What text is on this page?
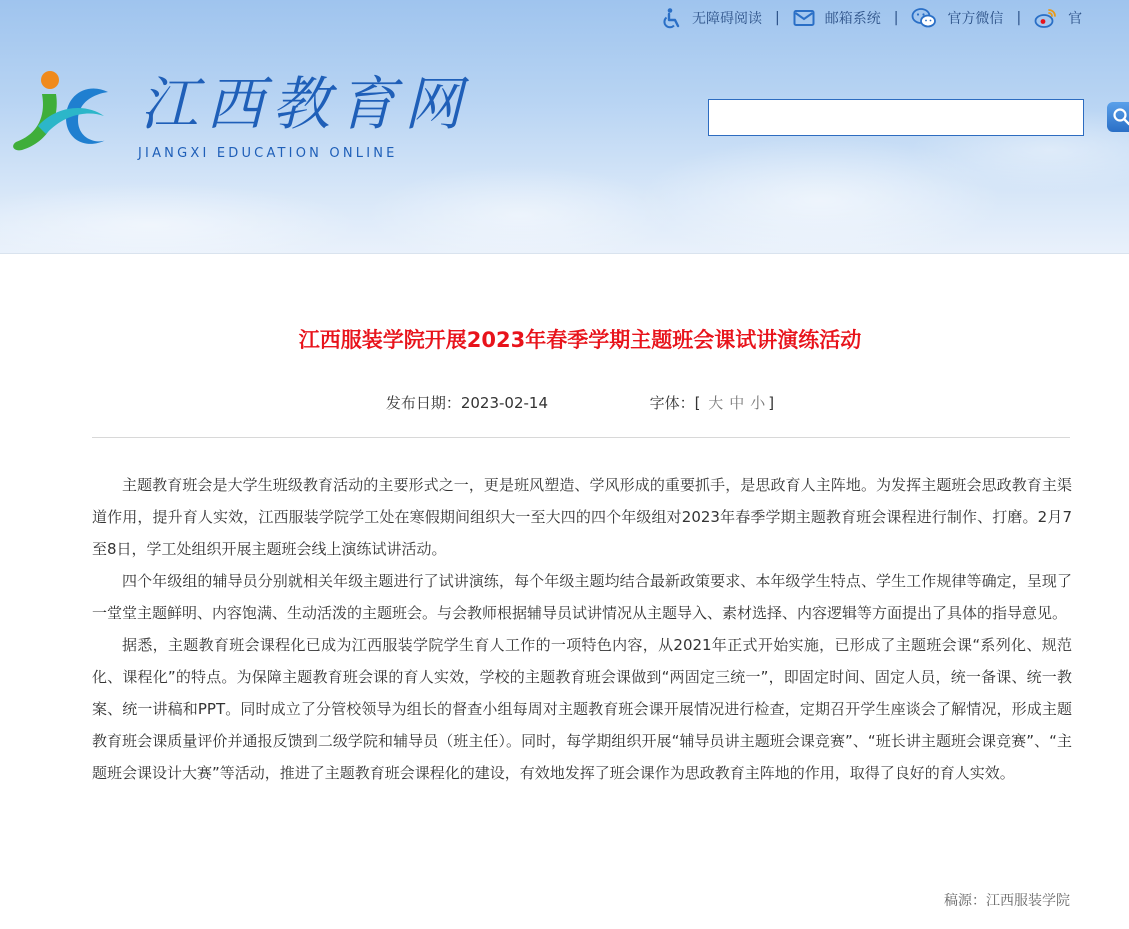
无障碍阅读 |	邮箱系统 |	官方微信 |	官
江西教育网
JIANGXI EDUCATION ONLINE
江西服装学院开展2023年春季学期主题班会课试讲演练活动
发布日期：2023-02-14	字体：[ 大 中 小 ]

主题教育班会是大学生班级教育活动的主要形式之一，更是班风塑造、学风形成的重要抓手，是思政育人主阵地。为发挥主题班会思政教育主渠道作用，提升育人实效，江西服装学院学工处在寒假期间组织大一至大四的四个年级组对2023年春季学期主题教育班会课程进行制作、打磨。2月7至8日，学工处组织开展主题班会线上演练试讲活动。

四个年级组的辅导员分别就相关年级主题进行了试讲演练，每个年级主题均结合最新政策要求、本年级学生特点、学生工作规律等确定，呈现了一堂堂主题鲜明、内容饱满、生动活泼的主题班会。与会教师根据辅导员试讲情况从主题导入、素材选择、内容逻辑等方面提出了具体的指导意见。

据悉，主题教育班会课程化已成为江西服装学院学生育人工作的一项特色内容，从2021年正式开始实施，已形成了主题班会课“系列化、规范化、课程化”的特点。为保障主题教育班会课的育人实效，学校的主题教育班会课做到“两固定三统一”，即固定时间、固定人员，统一备课、统一教案、统一讲稿和PPT。同时成立了分管校领导为组长的督查小组每周对主题教育班会课开展情况进行检查，定期召开学生座谈会了解情况，形成主题教育班会课质量评价并通报反馈到二级学院和辅导员（班主任）。同时，每学期组织开展“辅导员讲主题班会课竞赛”、“班长讲主题班会课竞赛”、“主题班会课设计大赛”等活动，推进了主题教育班会课程化的建设，有效地发挥了班会课作为思政教育主阵地的作用，取得了良好的育人实效。

稿源：江西服装学院
